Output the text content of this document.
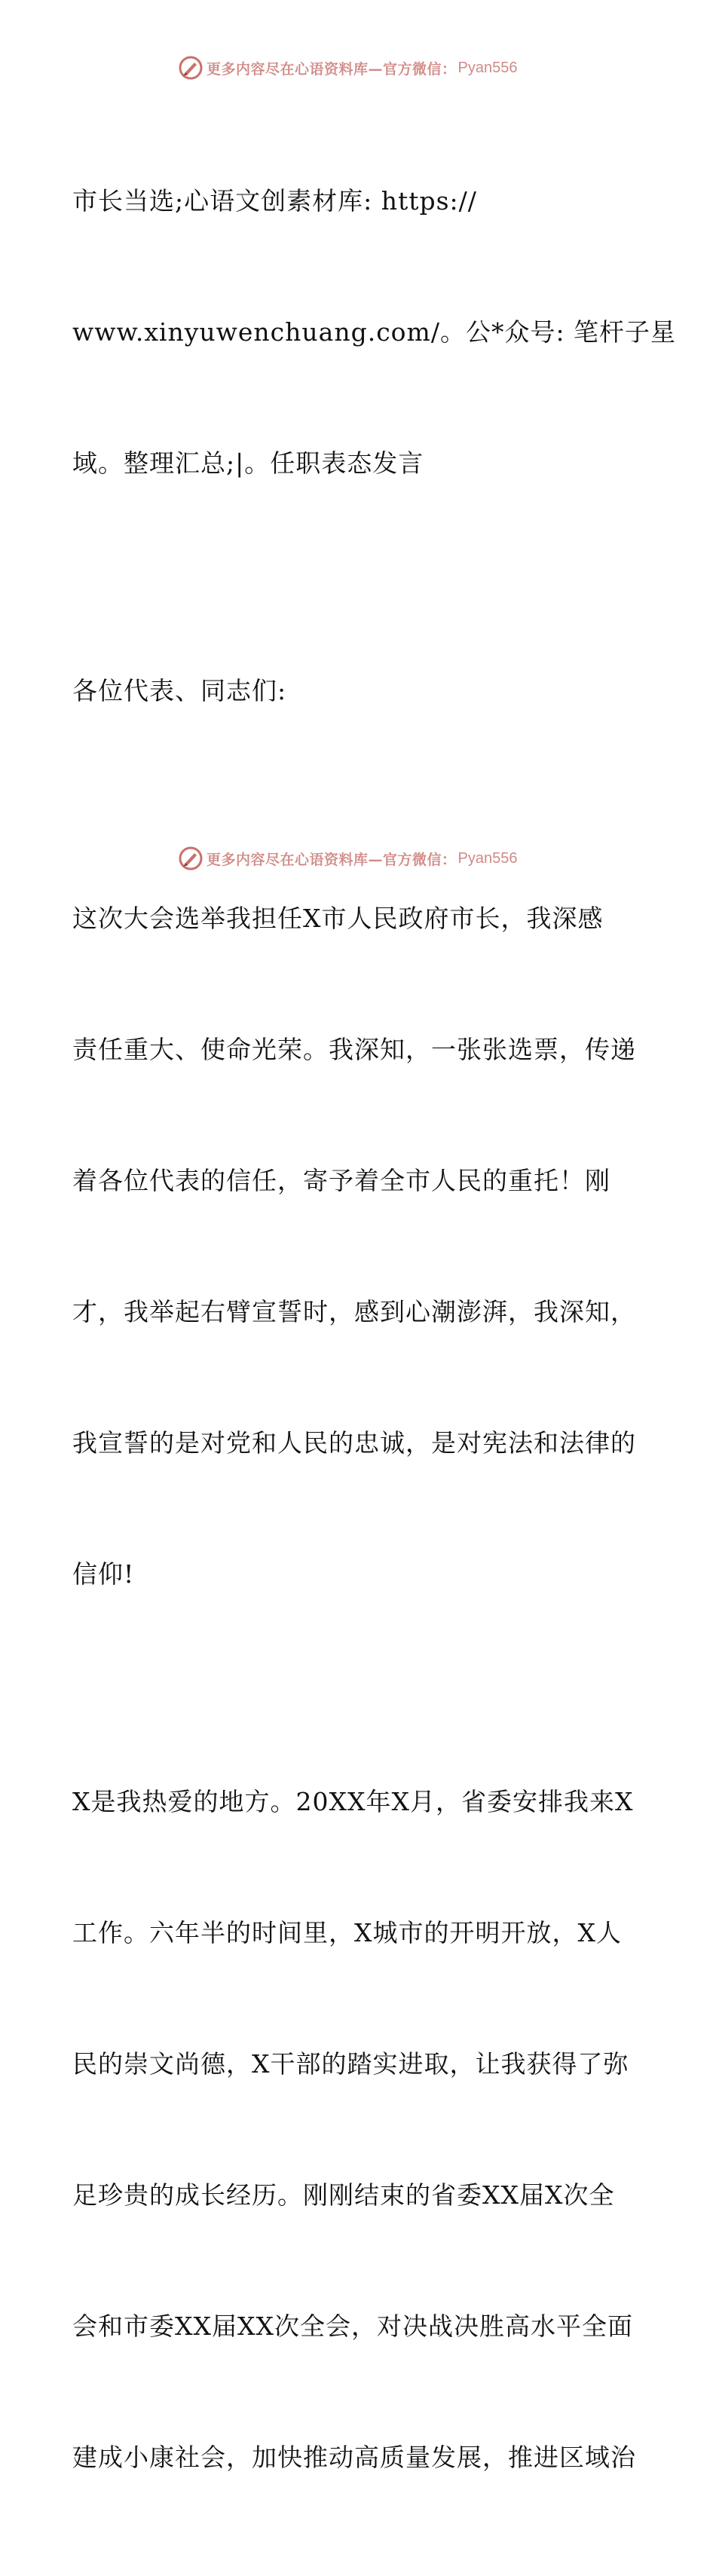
更多内容尽在心语资料库—官方微信： Pyan556

市长当选;心语文创素材库: https://

www.xinyuwenchuang.com/。公*众号: 笔杆子星

域。整理汇总;|。任职表态发言

各位代表、同志们:

这次大会选举我担任X市人民政府市长，我深感

责任重大、使命光荣。我深知，一张张选票，传递

着各位代表的信任，寄予着全市人民的重托！刚

才，我举起右臂宣誓时，感到心潮澎湃，我深知，

我宣誓的是对党和人民的忠诚，是对宪法和法律的

信仰!

X是我热爱的地方。20XX年X月，省委安排我来X

工作。六年半的时间里，X城市的开明开放，X人

民的崇文尚德，X干部的踏实进取，让我获得了弥

足珍贵的成长经历。刚刚结束的省委XX届X次全

会和市委XX届XX次全会，对决战决胜高水平全面

建成小康社会，加快推动高质量发展，推进区域治

更多内容尽在心语资料库—官方微信： Pyan556
